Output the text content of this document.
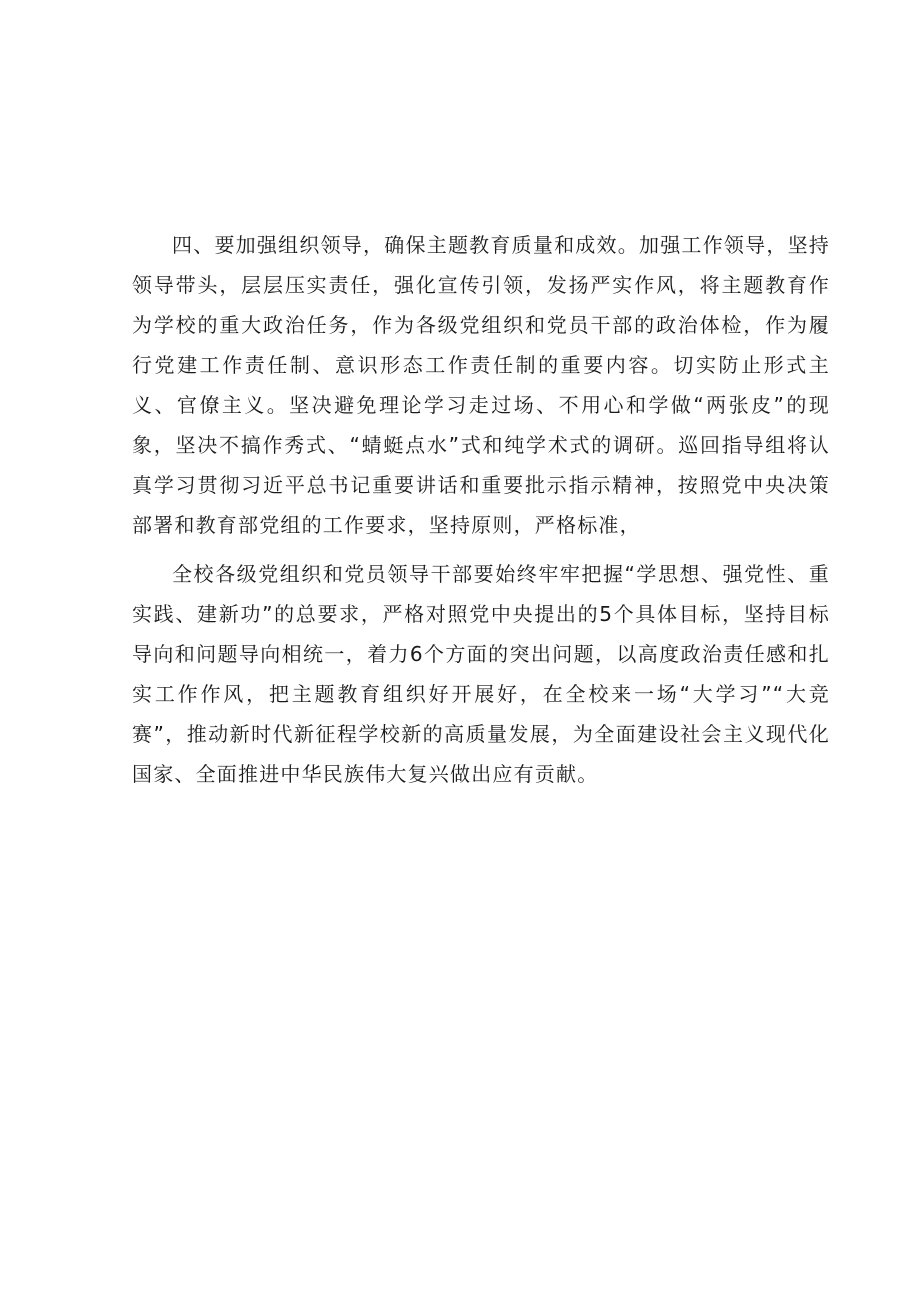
四、要加强组织领导，确保主题教育质量和成效。加强工作领导，坚持领导带头，层层压实责任，强化宣传引领，发扬严实作风，将主题教育作为学校的重大政治任务，作为各级党组织和党员干部的政治体检，作为履行党建工作责任制、意识形态工作责任制的重要内容。切实防止形式主义、官僚主义。坚决避免理论学习走过场、不用心和学做“两张皮”的现象，坚决不搞作秀式、“蜻蜓点水”式和纯学术式的调研。巡回指导组将认真学习贯彻习近平总书记重要讲话和重要批示指示精神，按照党中央决策部署和教育部党组的工作要求，坚持原则，严格标准，

全校各级党组织和党员领导干部要始终牢牢把握“学思想、强党性、重实践、建新功”的总要求，严格对照党中央提出的5个具体目标，坚持目标导向和问题导向相统一，着力6个方面的突出问题，以高度政治责任感和扎实工作作风，把主题教育组织好开展好，在全校来一场“大学习”“大竞赛”，推动新时代新征程学校新的高质量发展，为全面建设社会主义现代化国家、全面推进中华民族伟大复兴做出应有贡献。
